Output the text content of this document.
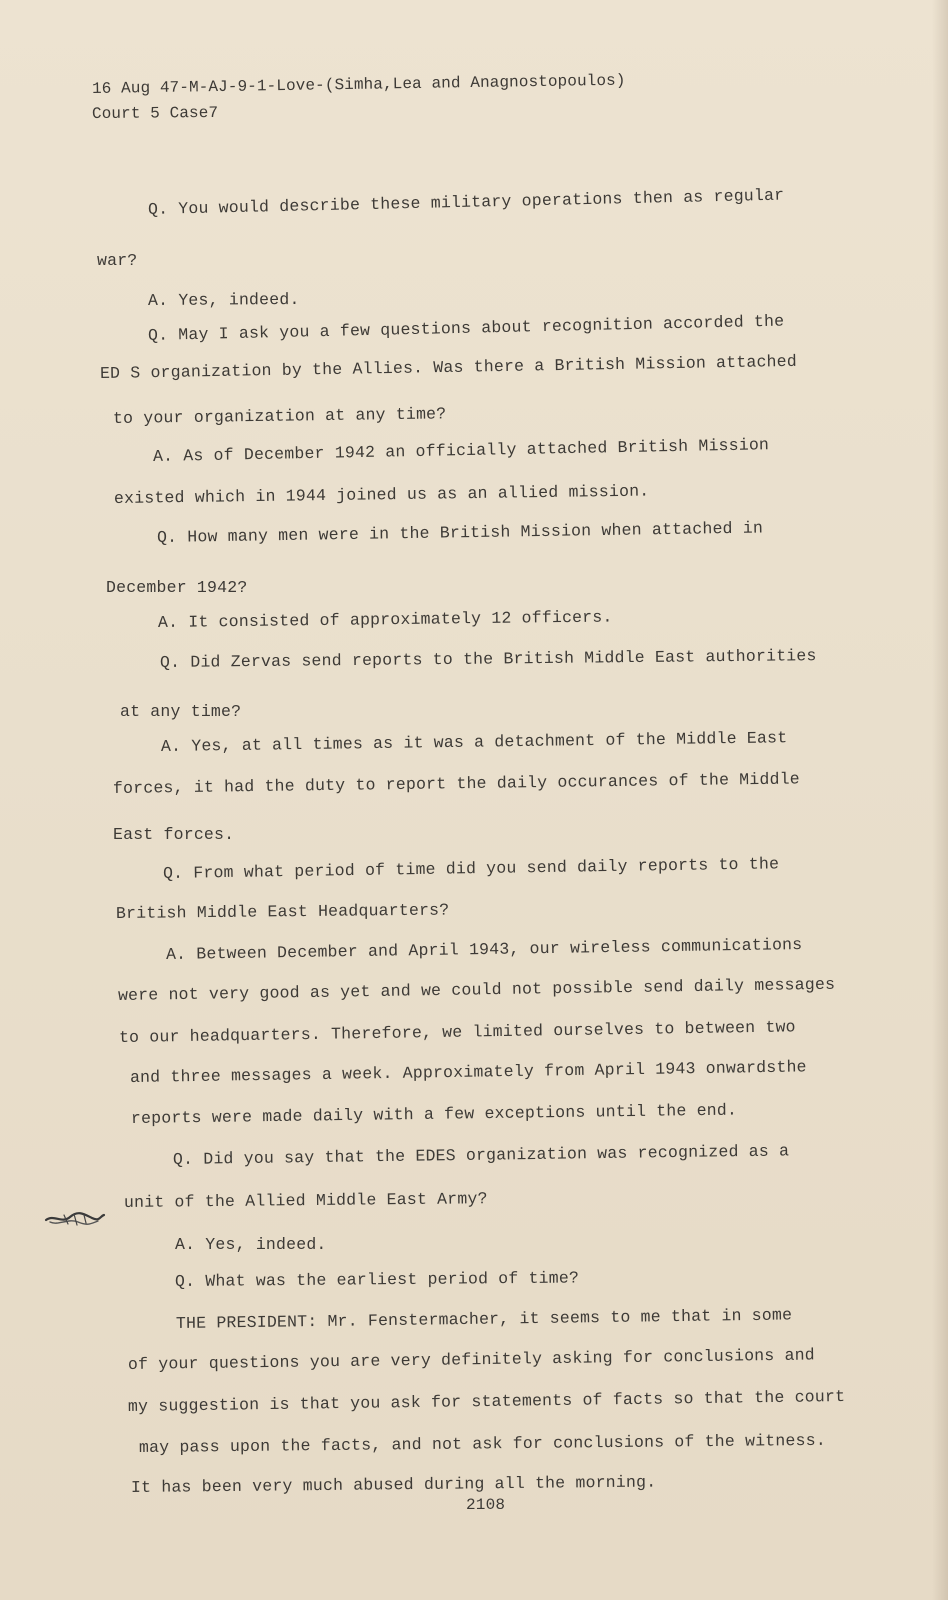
16 Aug 47-M-AJ-9-1-Love-(Simha,Lea and Anagnostopoulos)
Court 5 Case7
Q. You would describe these military operations then as regular
war?
A. Yes, indeed.
Q. May I ask you a few questions about recognition accorded the
ED S organization by the Allies. Was there a British Mission attached
to your organization at any time?
A. As of December 1942 an officially attached British Mission
existed which in 1944 joined us as an allied mission.
Q. How many men were in the British Mission when attached in
December 1942?
A. It consisted of approximately 12 officers.
Q. Did Zervas send reports to the British Middle East authorities
at any time?
A. Yes, at all times as it was a detachment of the Middle East
forces, it had the duty to report the daily occurances of the Middle
East forces.
Q. From what period of time did you send daily reports to the
British Middle East Headquarters?
A. Between December and April 1943, our wireless communications
were not very good as yet and we could not possible send daily messages
to our headquarters. Therefore, we limited ourselves to between two
and three messages a week. Approximately from April 1943 onwardsthe
reports were made daily with a few exceptions until the end.
Q. Did you say that the EDES organization was recognized as a
unit of the Allied Middle East Army?
A. Yes, indeed.
Q. What was the earliest period of time?
THE PRESIDENT: Mr. Fenstermacher, it seems to me that in some
of your questions you are very definitely asking for conclusions and
my suggestion is that you ask for statements of facts so that the court
may pass upon the facts, and not ask for conclusions of the witness.
It has been very much abused during all the morning.
2108
